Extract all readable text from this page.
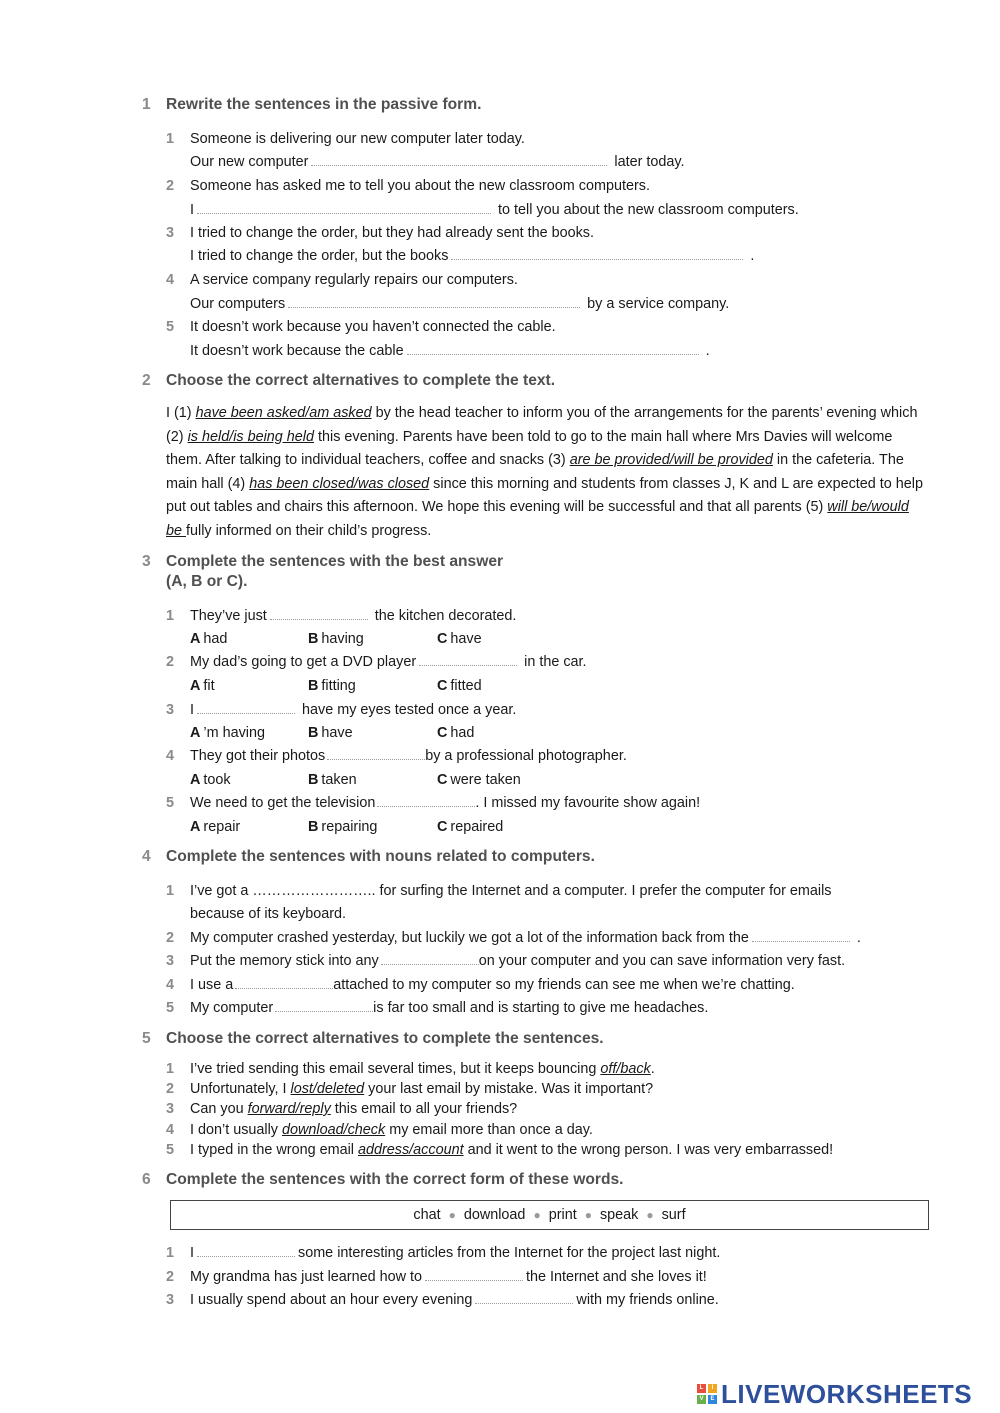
1 Rewrite the sentences in the passive form.
1 Someone is delivering our new computer later today.
Our new computer	later today.
2 Someone has asked me to tell you about the new classroom computers.
I	to tell you about the new classroom computers.
3 I tried to change the order, but they had already sent the books.
I tried to change the order, but the books	.
4 A service company regularly repairs our computers.
Our computers	by a service company.
5 It doesn’t work because you haven’t connected the cable.
It doesn’t work because the cable	.
2 Choose the correct alternatives to complete the text.
I (1) have been asked/am asked by the head teacher to inform you of the arrangements for the parents’ evening which (2) is held/is being held this evening. Parents have been told to go to the main hall where Mrs Davies will welcome them. After talking to individual teachers, coffee and snacks (3) are be provided/will be provided in the cafeteria. The main hall (4) has been closed/was closed since this morning and students from classes J, K and L are expected to help put out tables and chairs this afternoon. We hope this evening will be successful and that all parents (5) will be/would be fully informed on their child’s progress.
3 Complete the sentences with the best answer
(A, B or C).
1 They’ve just	the kitchen decorated.
A had	B having	C have
2 My dad’s going to get a DVD player	in the car.
A fit	B fitting	C fitted
3 I	have my eyes tested once a year.
A ’m having	B have	C had
4 They got their photos	by a professional photographer.
A took	B taken	C were taken
5 We need to get the television	. I missed my favourite show again!
A repair	B repairing	C repaired
4 Complete the sentences with nouns related to computers.
1 I’ve got a …………………….. for surfing the Internet and a computer. I prefer the computer for emails
because of its keyboard.
2 My computer crashed yesterday, but luckily we got a lot of the information back from the	.
3 Put the memory stick into any	on your computer and you can save information very fast.
4 I use a	attached to my computer so my friends can see me when we’re chatting.
5 My computer	is far too small and is starting to give me headaches.
5 Choose the correct alternatives to complete the sentences.
1 I’ve tried sending this email several times, but it keeps bouncing off/back.
2 Unfortunately, I lost/deleted your last email by mistake. Was it important?
3 Can you forward/reply this email to all your friends?
4 I don’t usually download/check my email more than once a day.
5 I typed in the wrong email address/account and it went to the wrong person. I was very embarrassed!
6 Complete the sentences with the correct form of these words.
chat ● download ● print ● speak ● surf
1 I	some interesting articles from the Internet for the project last night.
2 My grandma has just learned how to	the Internet and she loves it!
3 I usually spend about an hour every evening	with my friends online.
L	I
V	E LIVEWORKSHEETS
